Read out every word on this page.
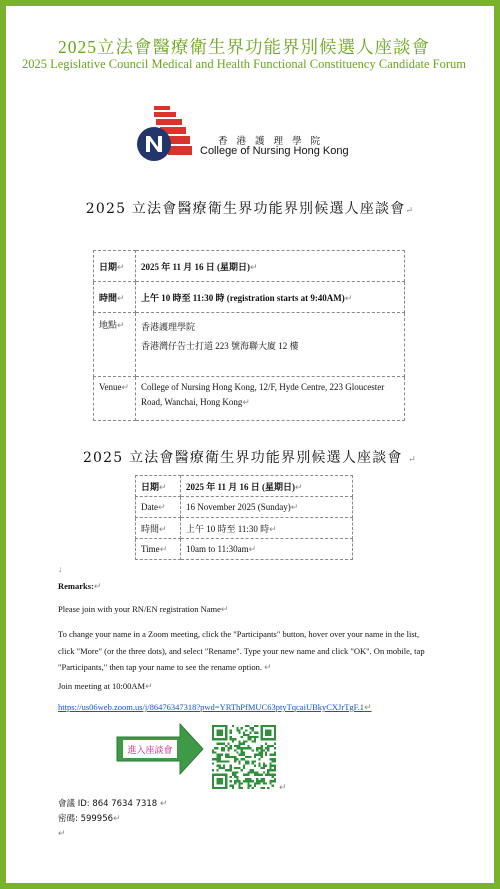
2025立法會醫療衛生界功能界別候選人座談會
2025 Legislative Council Medical and Health Functional Constituency Candidate Forum
香 港 護 理 學 院
College of Nursing Hong Kong
2025 立法會醫療衛生界功能界別候選人座談會↵
日期↵	2025 年 11 月 16 日 (星期日)↵
時間↵	上午 10 時至 11:30 時 (registration starts at 9:40AM)↵
地點↵	香港護理學院
香港灣仔告士打道 223 號海聯大廈 12 樓

Venue↵	College of Nursing Hong Kong, 12/F, Hyde Centre, 223 Gloucester Road, Wanchai, Hong Kong↵
2025 立法會醫療衛生界功能界別候選人座談會 ↵
日期↵	2025 年 11 月 16 日 (星期日)↵
Date↵	16 November 2025 (Sunday)↵
時間↵	上午 10 時至 11:30 時↵
Time↵	10am to 11:30am↵
↓
Remarks:↵
Please join with your RN/EN registration Name↵
To change your name in a Zoom meeting, click the "Participants" button, hover over your name in the list, click "More" (or the three dots), and select "Rename". Type your new name and click "OK". On mobile, tap "Participants," then tap your name to see the rename option. ↵
Join meeting at 10:00AM↵
https://us06web.zoom.us/j/86476347318?pwd=YRThPfMUC63ptyTqcaiUBkyCXJrTgF.1↵
進入座談會
↵
會議 ID: 864 7634 7318 ↵
密碼: 599956↵
↵
